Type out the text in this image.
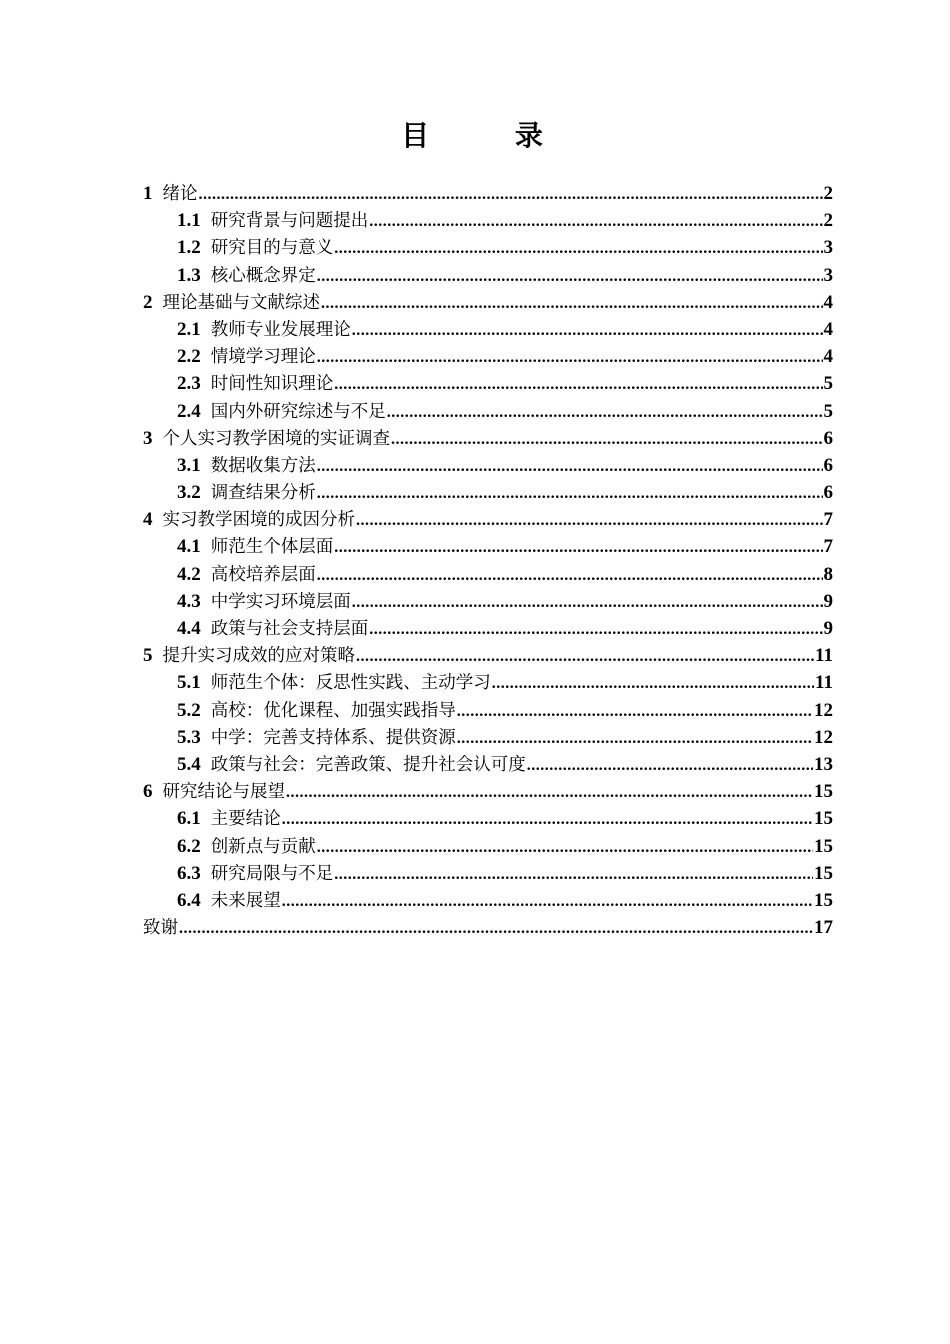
目 录
1 绪论 .....	2
1.1 研究背景与问题提出 .....	2
1.2 研究目的与意义 .....	3
1.3 核心概念界定 .....	3
2 理论基础与文献综述 .....	4
2.1 教师专业发展理论 .....	4
2.2 情境学习理论 .....	4
2.3 时间性知识理论 .....	5
2.4 国内外研究综述与不足 .....	5
3 个人实习教学困境的实证调查 .....	6
3.1 数据收集方法 .....	6
3.2 调查结果分析 .....	6
4 实习教学困境的成因分析 .....	7
4.1 师范生个体层面 .....	7
4.2 高校培养层面 .....	8
4.3 中学实习环境层面 .....	9
4.4 政策与社会支持层面 .....	9
5 提升实习成效的应对策略 .....	11
5.1 师范生个体：反思性实践、主动学习 .....	11
5.2 高校：优化课程、加强实践指导 .....	12
5.3 中学：完善支持体系、提供资源 .....	12
5.4 政策与社会：完善政策、提升社会认可度 .....	13
6 研究结论与展望 .....	15
6.1 主要结论 .....	15
6.2 创新点与贡献 .....	15
6.3 研究局限与不足 .....	15
6.4 未来展望 .....	15
致谢 .....	17
